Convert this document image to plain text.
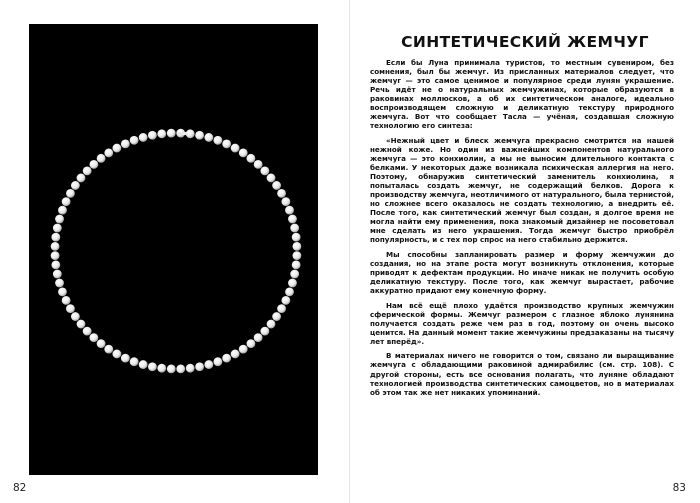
82	83
СИНТЕТИЧЕСКИЙ ЖЕМЧУГ

Если бы Луна принимала туристов, то местным сувениром, без сомнения, был бы жемчуг. Из присланных материалов следует, что жемчуг — это самое ценимое и популярное среди лунян украшение. Речь идёт не о натуральных жемчужинах, которые образуются в раковинах моллюсков, а об их синтетическом аналоге, идеально воспроизводящем сложную и деликатную текстуру природного жемчуга. Вот что сообщает Тасла — учёная, создавшая сложную технологию его синтеза:

«Нежный цвет и блеск жемчуга прекрасно смотрится на нашей нежной коже. Но один из важнейших компонентов натурального жемчуга — это конхиолин, а мы не выносим длительного контакта с белками. У некоторых даже возникала психическая аллергия на него. Поэтому, обнаружив синтетический заменитель конхиолина, я попыталась создать жемчуг, не содержащий белков. Дорога к производству жемчуга, неотличимого от натурального, была тернистой, но сложнее всего оказалось не создать технологию, а внедрить её. После того, как синтетический жемчуг был создан, я долгое время не могла найти ему применения, пока знакомый дизайнер не посоветовал мне сделать из него украшения. Тогда жемчуг быстро приобрёл популярность, и с тех пор спрос на него стабильно держится.

Мы способны запланировать размер и форму жемчужин до создания, но на этапе роста могут возникнуть отклонения, которые приводят к дефектам продукции. Но иначе никак не получить особую деликатную текстуру. После того, как жемчуг вырастает, рабочие аккуратно придают ему конечную форму.

Нам всё ещё плохо удаётся производство крупных жемчужин сферической формы. Жемчуг размером с глазное яблоко лунянина получается создать реже чем раз в год, поэтому он очень высоко ценится. На данный момент такие жемчужины предзаказаны на тысячу лет вперёд».

В материалах ничего не говорится о том, связано ли выращивание жемчуга с обладающими раковиной адмирабилис (см. стр. 108). С другой стороны, есть все основания полагать, что луняне обладают технологией производства синтетических самоцветов, но в материалах об этом так же нет никаких упоминаний.
